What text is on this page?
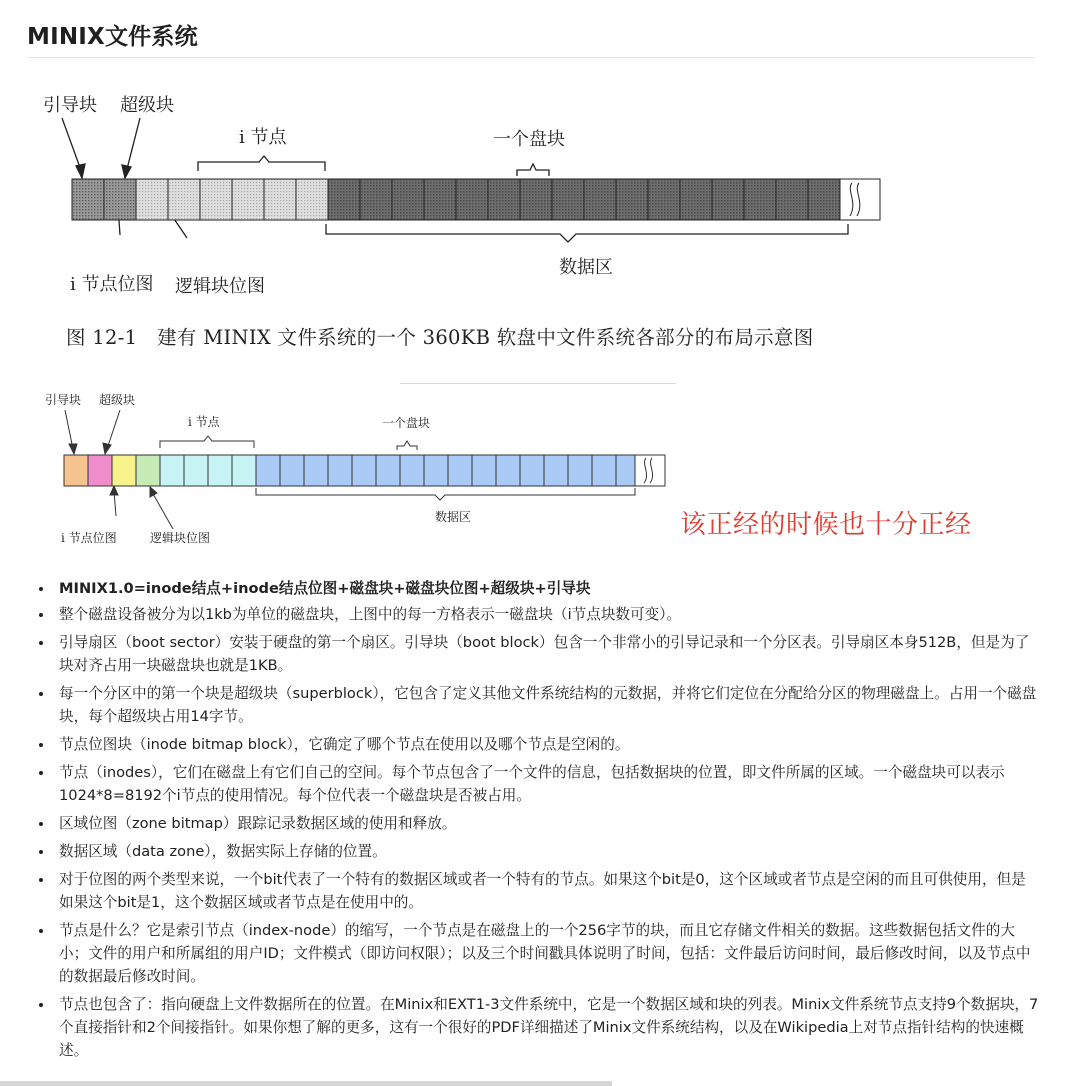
MINIX文件系统
引导块 超级块
i 节点	一个盘块
i 节点位图 逻辑块位图
数据区

图 12-1　建有 MINIX 文件系统的一个 360KB 软盘中文件系统各部分的布局示意图

引导块 超级块
i 节点	一个盘块
i 节点位图	逻辑块位图
数据区	该正经的时候也十分正经

MINIX1.0=inode结点+inode结点位图+磁盘块+磁盘块位图+超级块+引导块
整个磁盘设备被分为以1kb为单位的磁盘块，上图中的每一方格表示一磁盘块（i节点块数可变）。
引导扇区（boot sector）安装于硬盘的第一个扇区。引导块（boot block）包含一个非常小的引导记录和一个分区表。引导扇区本身512B，但是为了块对齐占用一块磁盘块也就是1KB。
每一个分区中的第一个块是超级块（superblock），它包含了定义其他文件系统结构的元数据，并将它们定位在分配给分区的物理磁盘上。占用一个磁盘块，每个超级块占用14字节。
节点位图块（inode bitmap block），它确定了哪个节点在使用以及哪个节点是空闲的。
节点（inodes），它们在磁盘上有它们自己的空间。每个节点包含了一个文件的信息，包括数据块的位置，即文件所属的区域。一个磁盘块可以表示1024*8=8192个i节点的使用情况。每个位代表一个磁盘块是否被占用。
区域位图（zone bitmap）跟踪记录数据区域的使用和释放。
数据区域（data zone），数据实际上存储的位置。
对于位图的两个类型来说，一个bit代表了一个特有的数据区域或者一个特有的节点。如果这个bit是0，这个区域或者节点是空闲的而且可供使用，但是如果这个bit是1，这个数据区域或者节点是在使用中的。
节点是什么？它是索引节点（index-node）的缩写，一个节点是在磁盘上的一个256字节的块，而且它存储文件相关的数据。这些数据包括文件的大小；文件的用户和所属组的用户ID；文件模式（即访问权限）；以及三个时间戳具体说明了时间，包括：文件最后访问时间，最后修改时间，以及节点中的数据最后修改时间。
节点也包含了：指向硬盘上文件数据所在的位置。在Minix和EXT1-3文件系统中，它是一个数据区域和块的列表。Minix文件系统节点支持9个数据块，7个直接指针和2个间接指针。如果你想了解的更多，这有一个很好的PDF详细描述了Minix文件系统结构，以及在Wikipedia上对节点指针结构的快速概述。
